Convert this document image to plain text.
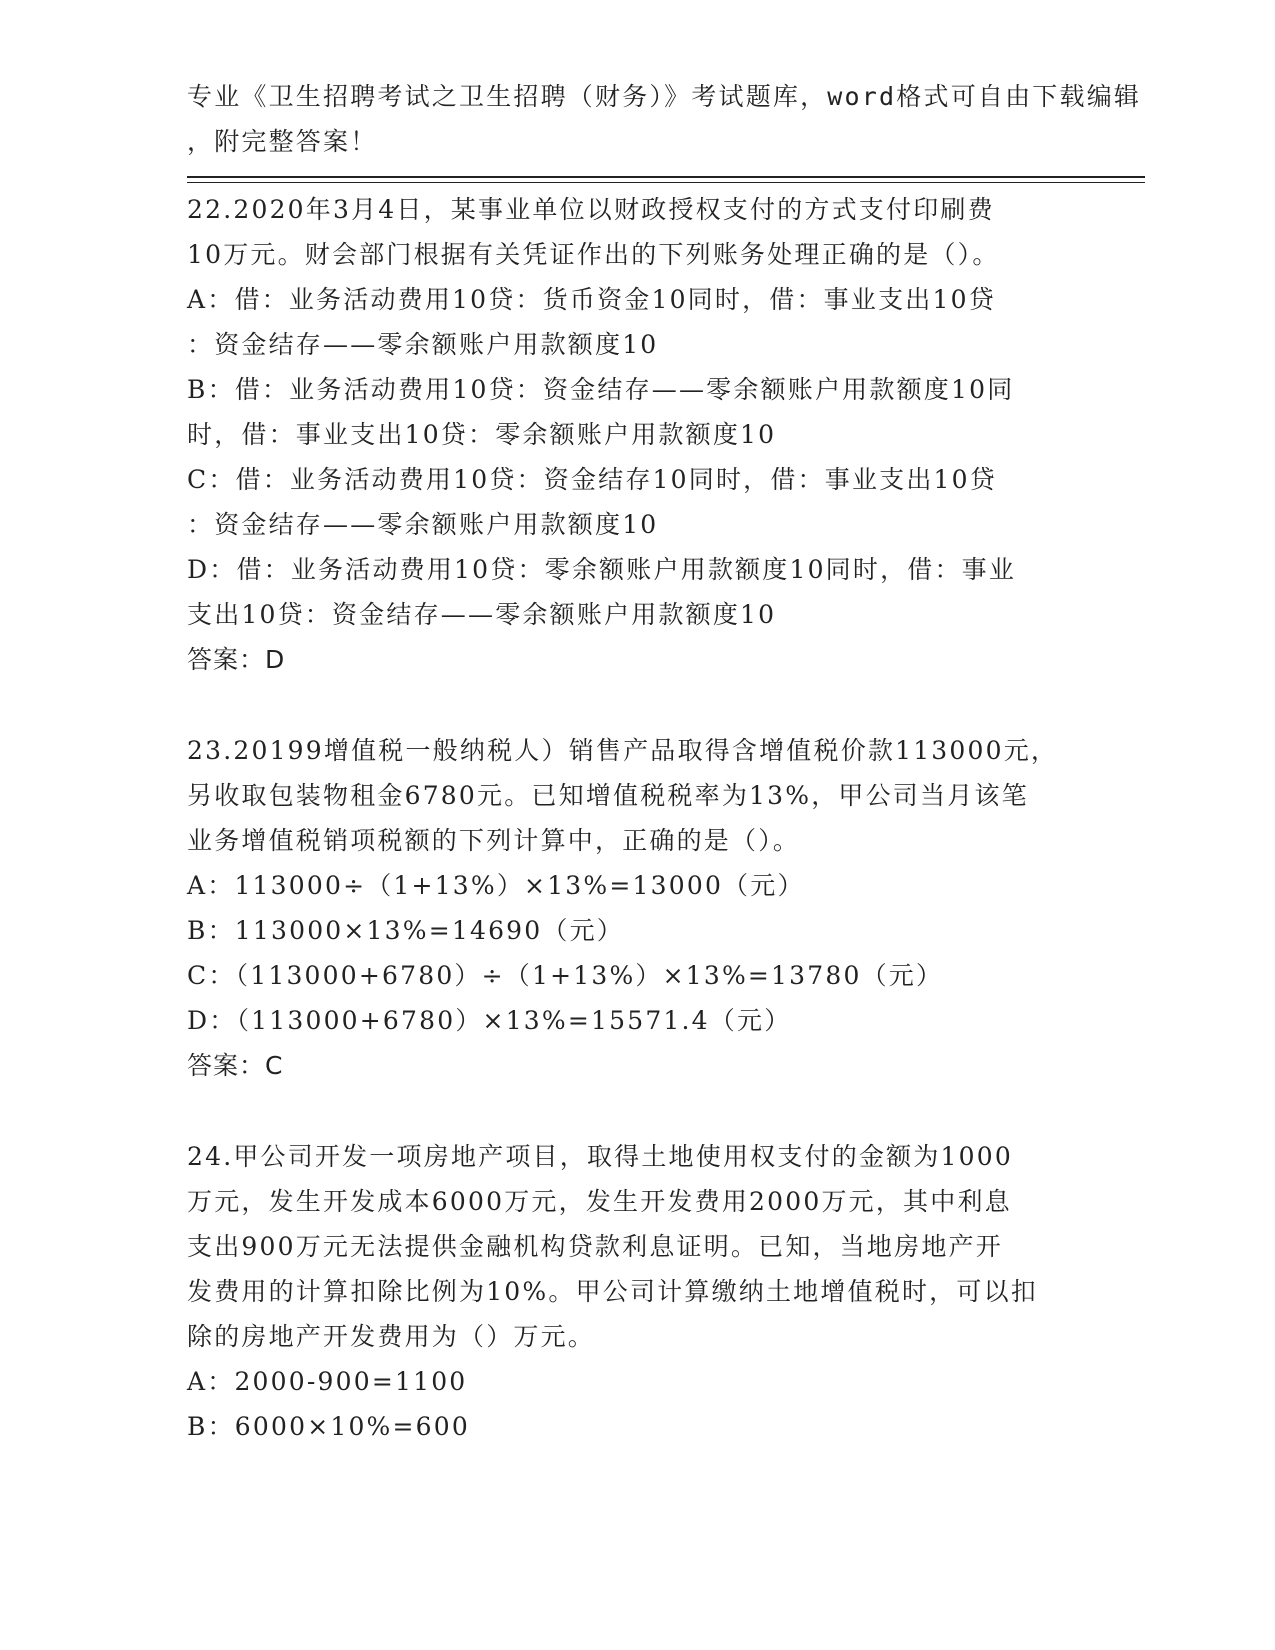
专业《卫生招聘考试之卫生招聘（财务）》考试题库，word格式可自由下载编辑
，附完整答案！
22.2020年3月4日，某事业单位以财政授权支付的方式支付印刷费
10万元。财会部门根据有关凭证作出的下列账务处理正确的是（）。
A：借：业务活动费用10贷：货币资金10同时，借：事业支出10贷
：资金结存——零余额账户用款额度10
B：借：业务活动费用10贷：资金结存——零余额账户用款额度10同
时，借：事业支出10贷：零余额账户用款额度10
C：借：业务活动费用10贷：资金结存10同时，借：事业支出10贷
：资金结存——零余额账户用款额度10
D：借：业务活动费用10贷：零余额账户用款额度10同时，借：事业
支出10贷：资金结存——零余额账户用款额度10
答案：D
23.20199增值税一般纳税人）销售产品取得含增值税价款113000元，
另收取包装物租金6780元。已知增值税税率为13%，甲公司当月该笔
业务增值税销项税额的下列计算中，正确的是（）。
A：113000÷（1+13%）×13%=13000（元）
B：113000×13%=14690（元）
C：（113000+6780）÷（1+13%）×13%=13780（元）
D：（113000+6780）×13%=15571.4（元）
答案：C
24.甲公司开发一项房地产项目，取得土地使用权支付的金额为1000
万元，发生开发成本6000万元，发生开发费用2000万元，其中利息
支出900万元无法提供金融机构贷款利息证明。已知，当地房地产开
发费用的计算扣除比例为10%。甲公司计算缴纳土地增值税时，可以扣
除的房地产开发费用为（）万元。
A：2000-900=1100
B：6000×10%=600
